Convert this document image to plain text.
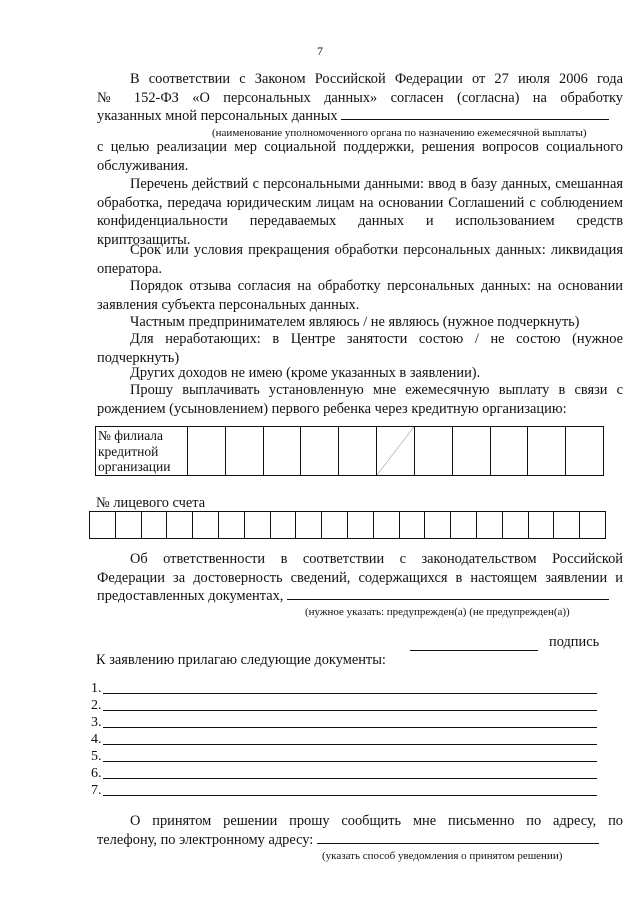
7

В соответствии с Законом Российской Федерации от 27 июля 2006 года

№ 152-ФЗ «О персональных данных» согласен (согласна) на обработку

указанных мной персональных данных

(наименование уполномоченного органа по назначению ежемесячной выплаты)

с целью реализации мер социальной поддержки, решения вопросов социального обслуживания.

Перечень действий с персональными данными: ввод в базу данных, смешанная обработка, передача юридическим лицам на основании Соглашений с соблюдением конфиденциальности передаваемых данных и использованием средств криптозащиты.

Срок или условия прекращения обработки персональных данных: ликвидация оператора.

Порядок отзыва согласия на обработку персональных данных: на основании заявления субъекта персональных данных.

Частным предпринимателем являюсь / не являюсь (нужное подчеркнуть)

Для неработающих: в Центре занятости состою / не состою (нужное подчеркнуть)

Других доходов не имею (кроме указанных в заявлении).

Прошу выплачивать установленную мне ежемесячную выплату в связи с рождением (усыновлением) первого ребенка через кредитную организацию:

№ филиала кредитной организации
№ лицевого счета

Об ответственности в соответствии с законодательством Российской

Федерации за достоверность сведений, содержащихся в настоящем заявлении и

предоставленных документах,

(нужное указать: предупрежден(а) (не предупрежден(а))
подпись
К заявлению прилагаю следующие документы:
1.
2.
3.
4.
5.
6.
7.

О принятом решении прошу сообщить мне письменно по адресу, по

телефону, по электронному адресу:

(указать способ уведомления о принятом решении)
